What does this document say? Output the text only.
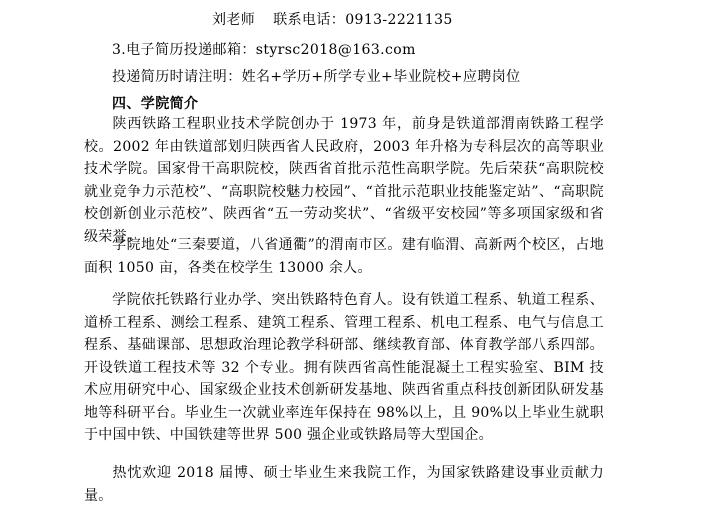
刘老师 联系电话：0913-2221135
3.电子简历投递邮箱：styrsc2018@163.com
投递简历时请注明：姓名+学历+所学专业+毕业院校+应聘岗位
四、学院简介
陕西铁路工程职业技术学院创办于 1973 年，前身是铁道部渭南铁路工程学校。2002 年由铁道部划归陕西省人民政府，2003 年升格为专科层次的高等职业技术学院。国家骨干高职院校，陕西省首批示范性高职学院。先后荣获“高职院校就业竞争力示范校”、“高职院校魅力校园”、“首批示范职业技能鉴定站”、“高职院校创新创业示范校”、陕西省“五一劳动奖状”、“省级平安校园”等多项国家级和省级荣誉。
学院地处“三秦要道，八省通衢”的渭南市区。建有临渭、高新两个校区，占地面积 1050 亩，各类在校学生 13000 余人。
学院依托铁路行业办学、突出铁路特色育人。设有铁道工程系、轨道工程系、道桥工程系、测绘工程系、建筑工程系、管理工程系、机电工程系、电气与信息工程系、基础课部、思想政治理论教学科研部、继续教育部、体育教学部八系四部。开设铁道工程技术等 32 个专业。拥有陕西省高性能混凝土工程实验室、BIM 技术应用研究中心、国家级企业技术创新研发基地、陕西省重点科技创新团队研发基地等科研平台。毕业生一次就业率连年保持在 98%以上，且 90%以上毕业生就职于中国中铁、中国铁建等世界 500 强企业或铁路局等大型国企。
热忱欢迎 2018 届博、硕士毕业生来我院工作，为国家铁路建设事业贡献力量。
